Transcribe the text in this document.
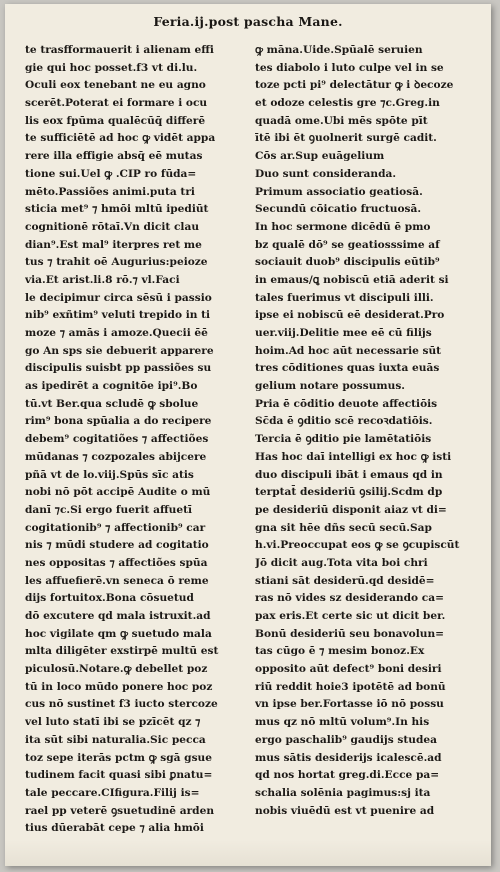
Feria.ij.post pascha Mane.
te trasfformauerit i alienam effi
gie qui hoc posset.f3 vt di.lu.
Oculi eox tenebant ne eu agno
scerēt.Poterat ei formare i ocu
lis eox fpūma qualēcūq̄ differē
te sufficiētē ad hoc ꝙ vidēt appa
rere illa effigie absq̄ eē mutas
tione sui.Uel ꝙ .CIP ro fūda=
mēto.Passiões animi.puta tri
sticia met⁹ ⁊ hmōi mltū ipediūt
cognitionē rōtaī.Vn dicit clau
dian⁹.Est mal⁹ iterpres ret me
tus ⁊ trahit oē Augurius:peioze
via.Et arist.li.8 rō.⁊ vl.Faci
le decipimur circa sēsū i passio
nib⁹ exñtim⁹ veluti trepido in ti
moze ⁊ amās i amoze.Quecii ēē
go An sps sie debuerit apparere
discipulis suisbt pp passiões su
as ipedirēt a cognitōe ipi⁹.Bo
tū.vt Ber.qua scludē ꝙ sbolue
rim⁹ bona spūalia a do recipere
debem⁹ cogitatiões ⁊ affectiões
mūdanas ⁊ cozpozales abijcere
pñā vt de lo.viij.Spūs sīc atis
nobi nō pōt accipē Audite o mū
danī ⁊c.Si ergo fuerit affuetī
cogitationib⁹ ⁊ affectionib⁹ car
nis ⁊ mūdi studere ad cogitatio
nes oppositas ⁊ affectiões spūa
les affuefierē.vn seneca ō reme
dijs fortuitox.Bona cōsuetud
dō excutere qd mala istruxit.ad
hoc vigilate qm ꝙ suetudo mala
mlta diligēter exstirpē multū est
piculosū.Notare.ꝙ debellet poz
tū in loco mūdo ponere hoc poz
cus nō sustinet f3 iucto stercoze
vel luto statī ibi se pzīcēt qz ⁊
ita sūt sibi naturalia.Sic pecca
toz sepe iterās pctm ꝙ sgā gsue
tudinem facit quasi sibi ꝑnatu=
tale peccare.CIfigura.Filij is=
rael pp veterē ꝯsuetudinē arden
tius dūerabāt cepe ⁊ alia hmōi
ꝙ māna.Uide.Spūalē seruien
tes diabolo i luto culpe vel in se
toze pcti pi⁹ delectātur ꝙ i ꝺecoze
et odoze celestis gre ⁊c.Greg.in
quadā ome.Ubi mēs spōte pīt
ītē ibi ēt ꝯuolnerit surgē cadit.
Cōs ar.Sup euāgelium
Duo sunt consideranda.
Primum associatio geatiosā.
Secundū cōicatio fructuosā.
In hoc sermone dicēdū ē pmo
bz qualē dō⁹ se geatiosssime af
sociauit duob⁹ discipulis eūtib⁹
in emaus/ꝗ nobiscū etiā aderit si
tales fuerimus vt discipuli illi.
ipse ei nobiscū eē desiderat.Pro
uer.viij.Delitie mee eē cū filijs
hoim.Ad hoc aūt necessarie sūt
tres cōditiones quas iuxta euās
gelium notare possumus.
Pria ē cōditio deuote affectiōis
Sc̄da ē ꝯditio scē recoꝛdatiōis.
Tercia ē ꝯditio pie lamētatiōis
Has hoc daī intelligi ex hoc ꝙ isti
duo discipuli ibāt i emaus qd in
terptat̄ desideriū ꝯsilij.Scdm dp
pe desideriū disponit aiaz vt di=
gna sit hēe dñs secū secū.Sap
h.vi.Preoccupat eos ꝙ se ꝯcupiscūt
Jō dicit aug.Tota vita boi chri
stiani sāt desiderū.qd desidē=
ras nō vides sz desiderando ca=
pax eris.Et certe sic ut dicit ber.
Bonū desideriū seu bonavolun=
tas cūgo ē ⁊ mesim bonoz.Ex
opposito aūt defect⁹ boni desiri
riū reddit hoie3 ipotētē ad bonū
vn ipse ber.Fortasse iō nō possu
mus qz nō mltū volum⁹.In his
ergo paschalib⁹ gaudijs studea
mus sātis desiderijs icalescē.ad
qd nos hortat greg.di.Ecce pa=
schalia solēnia pagimus:sj ita
nobis viuēdū est vt puenire ad
